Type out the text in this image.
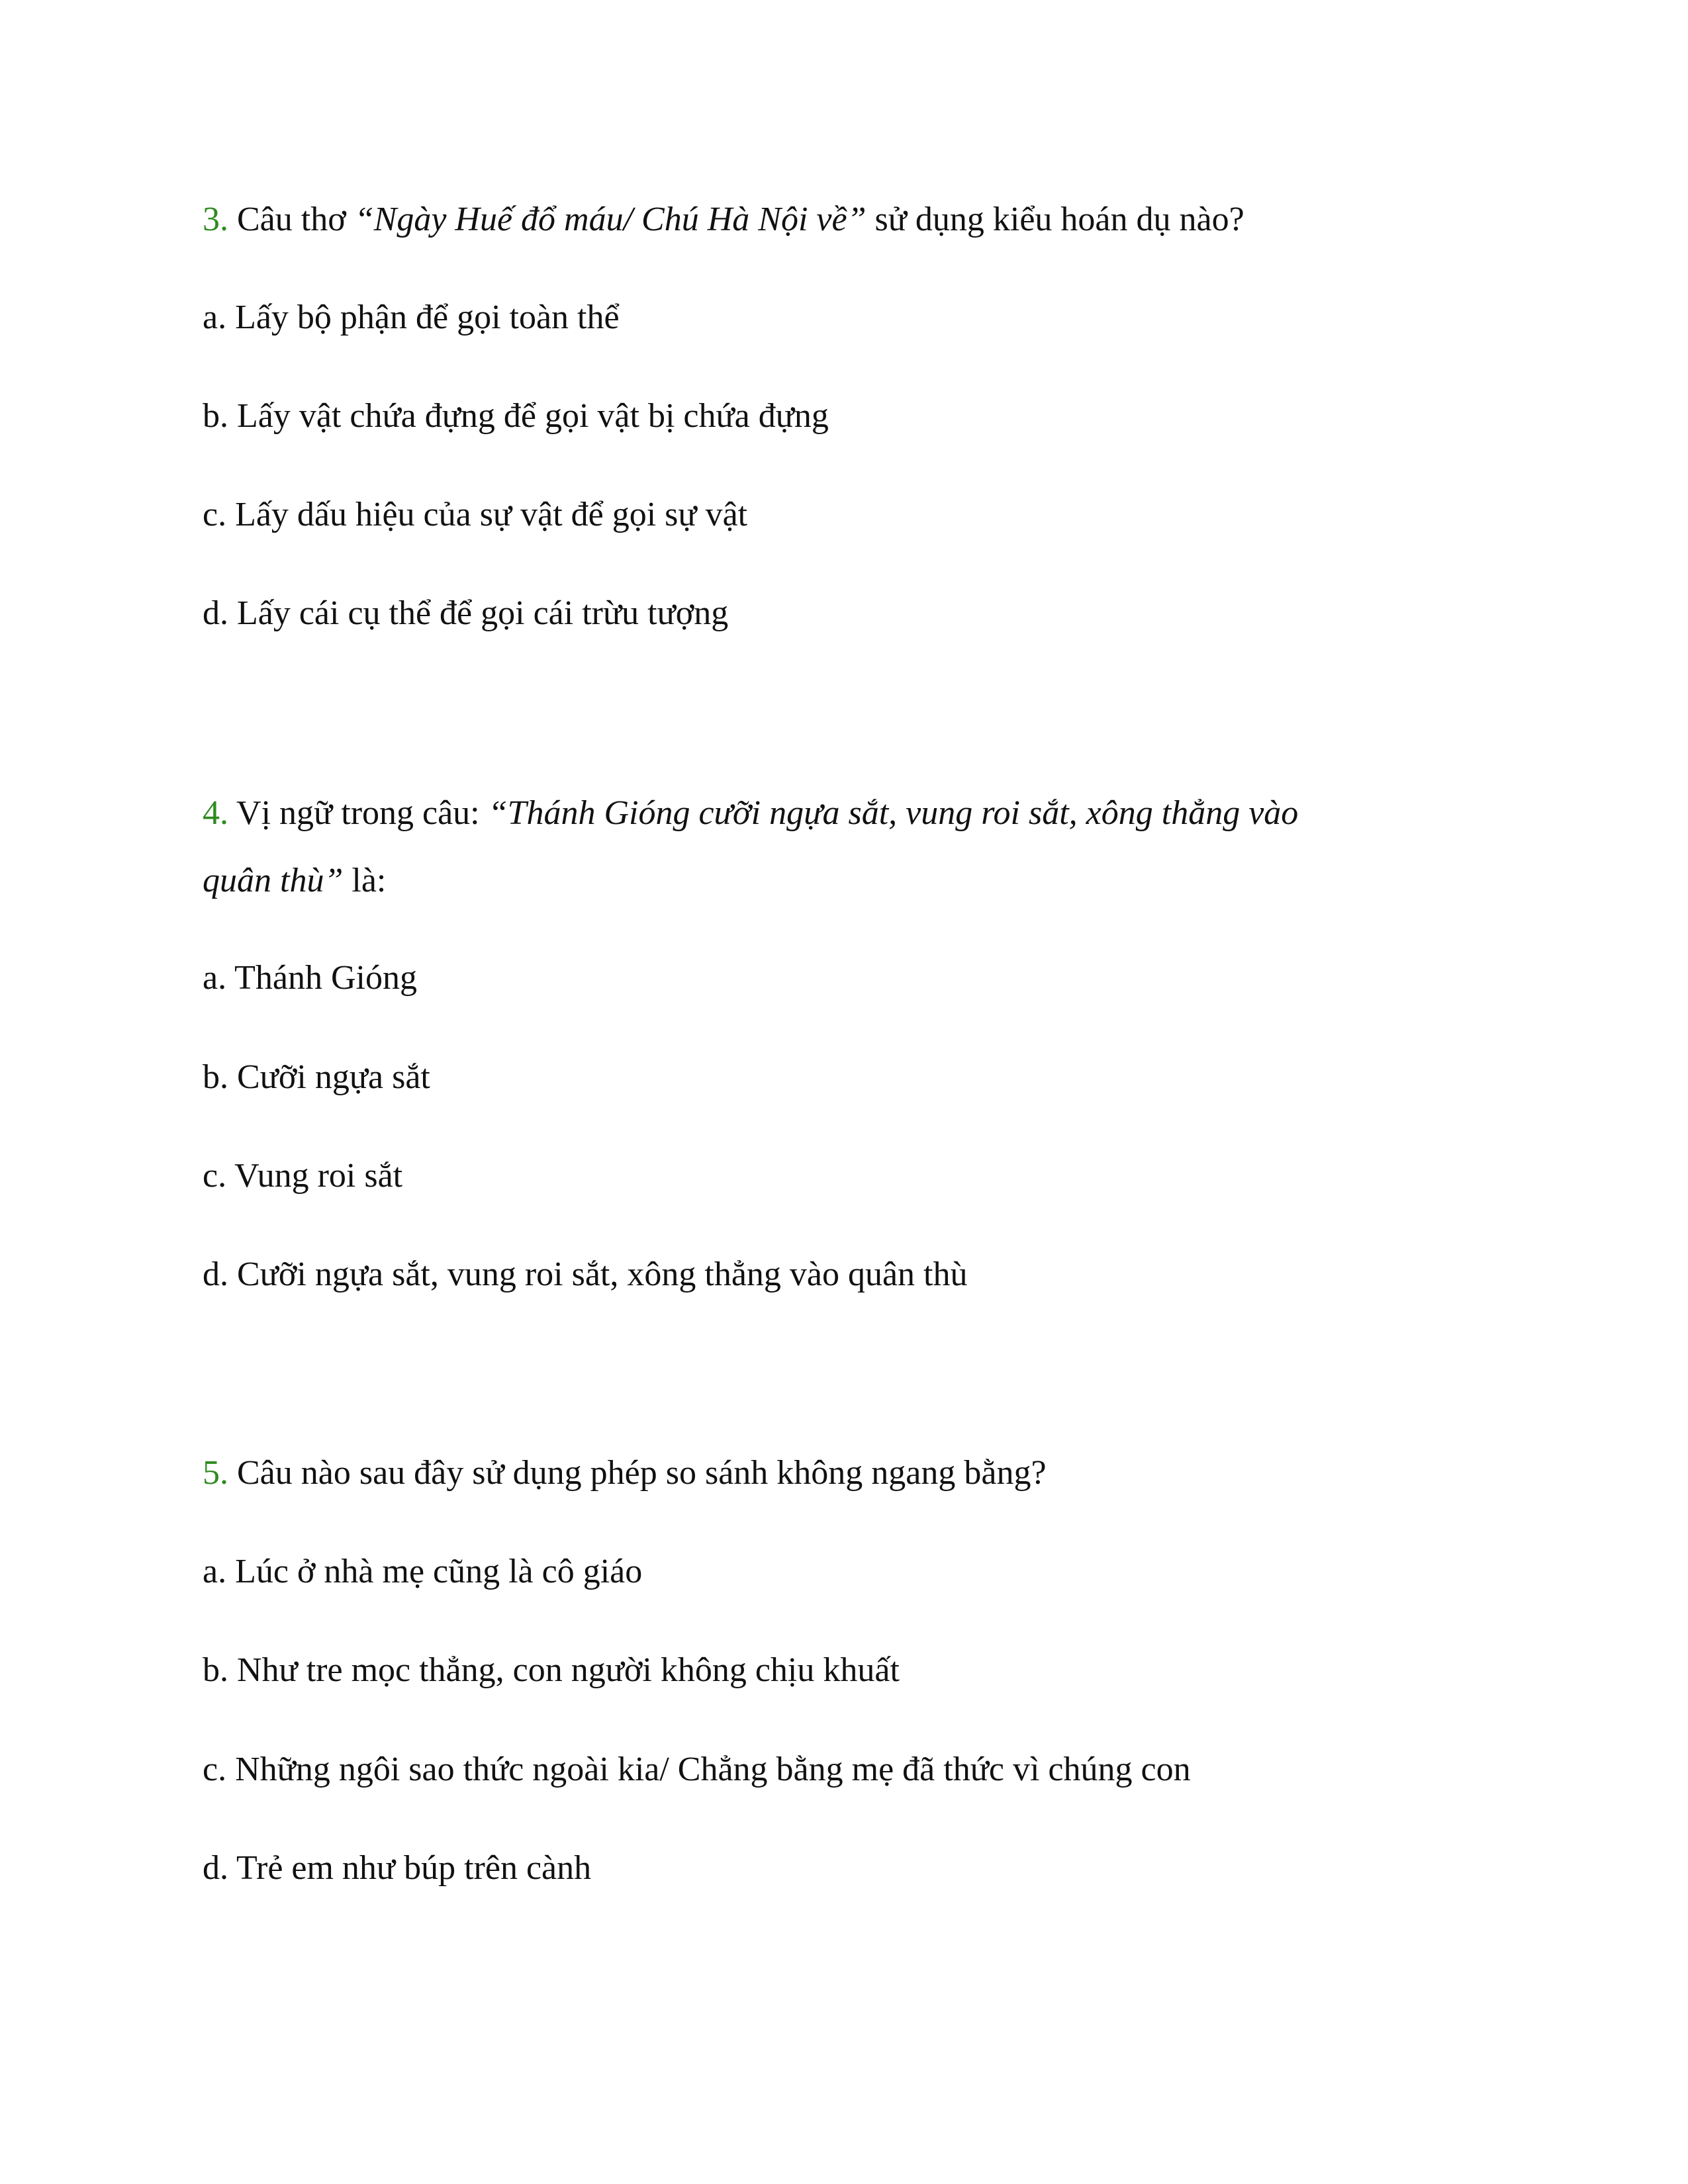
3. Câu thơ “Ngày Huế đổ máu/ Chú Hà Nội về” sử dụng kiểu hoán dụ nào?
a. Lấy bộ phận để gọi toàn thể
b. Lấy vật chứa đựng để gọi vật bị chứa đựng
c. Lấy dấu hiệu của sự vật để gọi sự vật
d. Lấy cái cụ thể để gọi cái trừu tượng
4. Vị ngữ trong câu: “Thánh Gióng cưỡi ngựa sắt, vung roi sắt, xông thẳng vào
quân thù” là:
a. Thánh Gióng
b. Cưỡi ngựa sắt
c. Vung roi sắt
d. Cưỡi ngựa sắt, vung roi sắt, xông thẳng vào quân thù
5. Câu nào sau đây sử dụng phép so sánh không ngang bằng?
a. Lúc ở nhà mẹ cũng là cô giáo
b. Như tre mọc thẳng, con người không chịu khuất
c. Những ngôi sao thức ngoài kia/ Chẳng bằng mẹ đã thức vì chúng con
d. Trẻ em như búp trên cành
